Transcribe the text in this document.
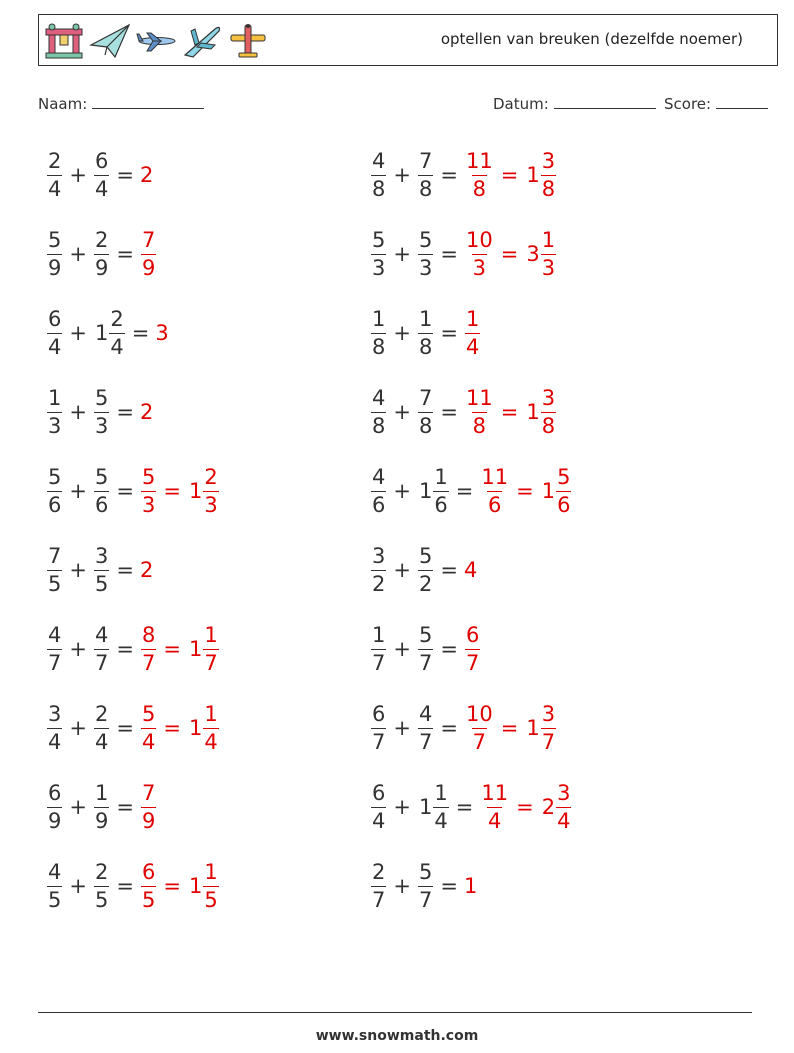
optellen van breuken (dezelfde noemer)
Naam:	Datum:	Score:
$\frac{2}{4} + \frac{6}{4} = 2$	$\frac{4}{8} + \frac{7}{8} = \frac{11}{8} = 1 \frac{3}{8}$
$\frac{5}{9} + \frac{2}{9} = \frac{7}{9}$	$\frac{5}{3} + \frac{5}{3} = \frac{10}{3} = 3 \frac{1}{3}$
$\frac{6}{4} + 1 \frac{2}{4} = 3$	$\frac{1}{8} + \frac{1}{8} = \frac{1}{4}$
$\frac{1}{3} + \frac{5}{3} = 2$	$\frac{4}{8} + \frac{7}{8} = \frac{11}{8} = 1 \frac{3}{8}$
$\frac{5}{6} + \frac{5}{6} = \frac{5}{3} = 1 \frac{2}{3}$	$\frac{4}{6} + 1 \frac{1}{6} = \frac{11}{6} = 1 \frac{5}{6}$
$\frac{7}{5} + \frac{3}{5} = 2$	$\frac{3}{2} + \frac{5}{2} = 4$
$\frac{4}{7} + \frac{4}{7} = \frac{8}{7} = 1 \frac{1}{7}$	$\frac{1}{7} + \frac{5}{7} = \frac{6}{7}$
$\frac{3}{4} + \frac{2}{4} = \frac{5}{4} = 1 \frac{1}{4}$	$\frac{6}{7} + \frac{4}{7} = \frac{10}{7} = 1 \frac{3}{7}$
$\frac{6}{9} + \frac{1}{9} = \frac{7}{9}$	$\frac{6}{4} + 1 \frac{1}{4} = \frac{11}{4} = 2 \frac{3}{4}$
$\frac{4}{5} + \frac{2}{5} = \frac{6}{5} = 1 \frac{1}{5}$	$\frac{2}{7} + \frac{5}{7} = 1$
www.snowmath.com
